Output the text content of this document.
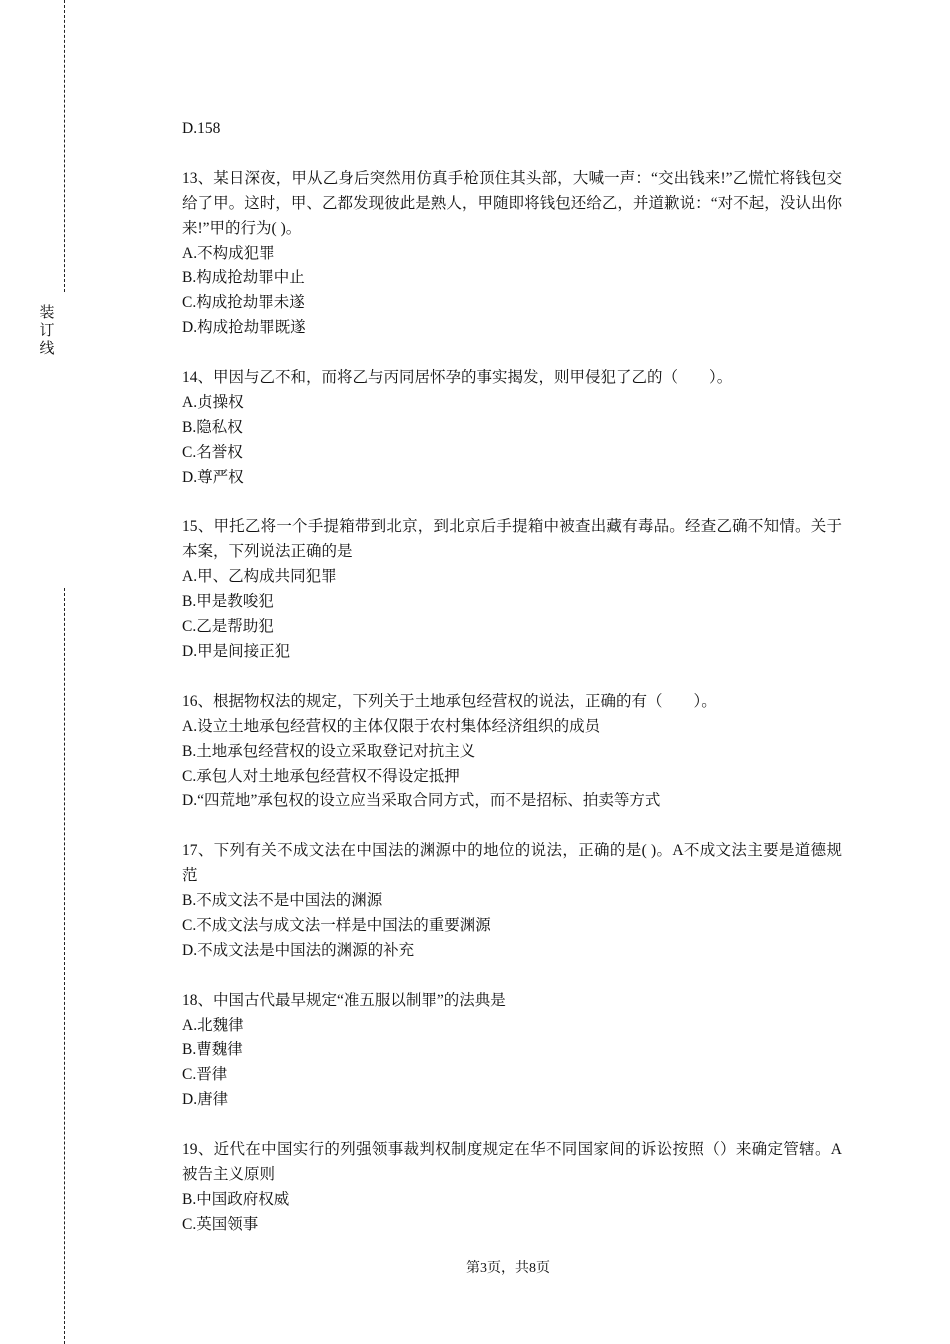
装
订
线
D.158
13、某日深夜，甲从乙身后突然用仿真手枪顶住其头部，大喊一声：“交出钱来!”乙慌忙将钱包交给了甲。这时，甲、乙都发现彼此是熟人，甲随即将钱包还给乙，并道歉说：“对不起，没认出你来!”甲的行为( )。
A.不构成犯罪
B.构成抢劫罪中止
C.构成抢劫罪未遂
D.构成抢劫罪既遂
14、甲因与乙不和，而将乙与丙同居怀孕的事实揭发，则甲侵犯了乙的（　　）。
A.贞操权
B.隐私权
C.名誉权
D.尊严权
15、甲托乙将一个手提箱带到北京，到北京后手提箱中被查出藏有毒品。经查乙确不知情。关于本案，下列说法正确的是
A.甲、乙构成共同犯罪
B.甲是教唆犯
C.乙是帮助犯
D.甲是间接正犯
16、根据物权法的规定，下列关于土地承包经营权的说法，正确的有（　　）。
A.设立土地承包经营权的主体仅限于农村集体经济组织的成员
B.土地承包经营权的设立采取登记对抗主义
C.承包人对土地承包经营权不得设定抵押
D.“四荒地”承包权的设立应当采取合同方式，而不是招标、拍卖等方式
17、下列有关不成文法在中国法的渊源中的地位的说法，正确的是( )。A不成文法主要是道德规范
B.不成文法不是中国法的渊源
C.不成文法与成文法一样是中国法的重要渊源
D.不成文法是中国法的渊源的补充
18、中国古代最早规定“准五服以制罪”的法典是
A.北魏律
B.曹魏律
C.晋律
D.唐律
19、近代在中国实行的列强领事裁判权制度规定在华不同国家间的诉讼按照（）来确定管辖。A被告主义原则
B.中国政府权威
C.英国领事
第3页，共8页
